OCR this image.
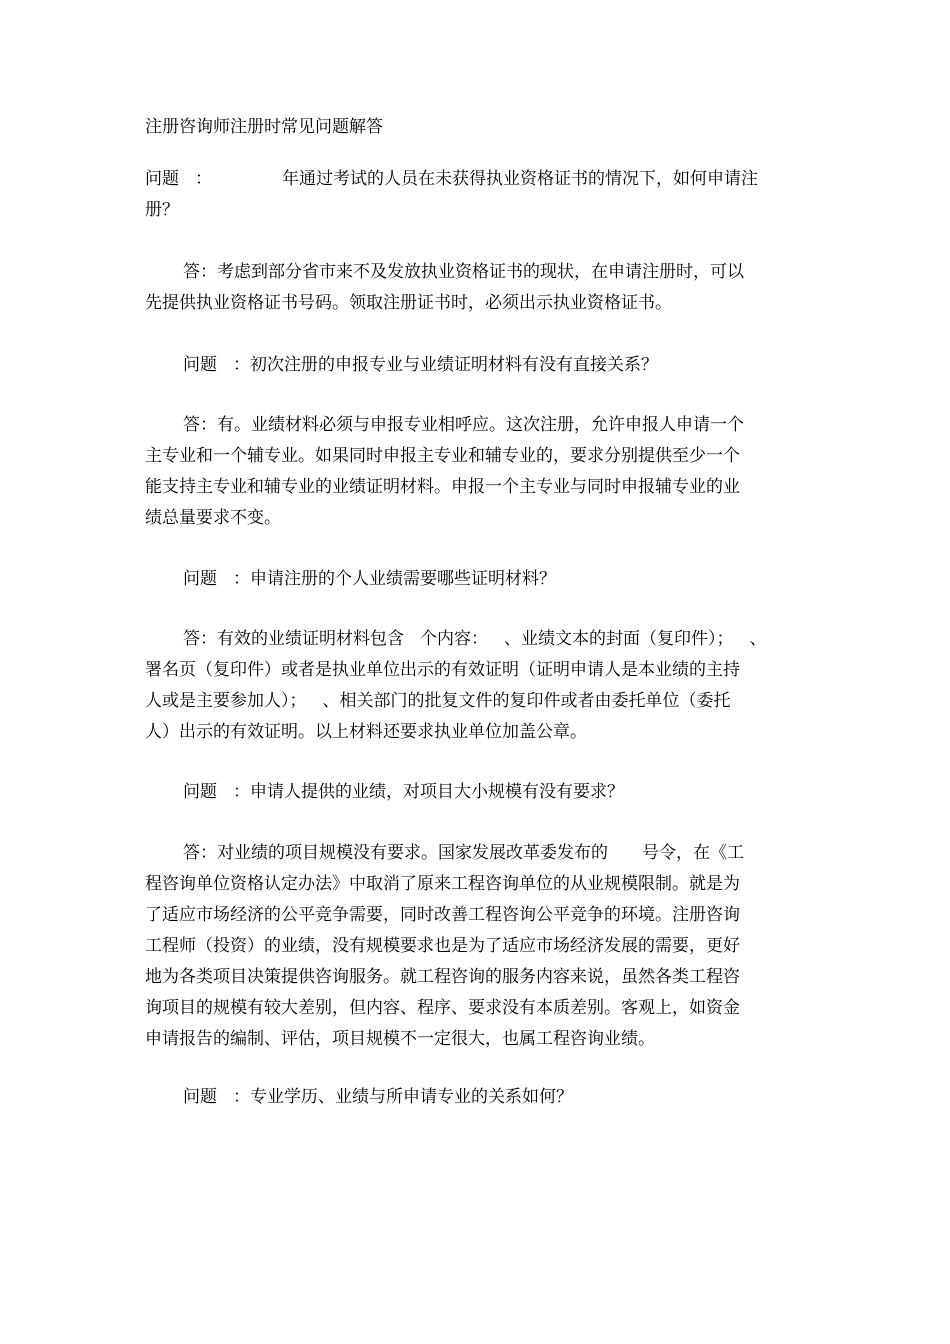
注册咨询师注册时常见问题解答
问题 ：	年通过考试的人员在未获得执业资格证书的情况下，如何申请注
册？
答：考虑到部分省市来不及发放执业资格证书的现状，在申请注册时，可以
先提供执业资格证书号码。领取注册证书时，必须出示执业资格证书。
问题 ：初次注册的申报专业与业绩证明材料有没有直接关系？
答：有。业绩材料必须与申报专业相呼应。这次注册，允许申报人申请一个
主专业和一个辅专业。如果同时申报主专业和辅专业的，要求分别提供至少一个
能支持主专业和辅专业的业绩证明材料。申报一个主专业与同时申报辅专业的业
绩总量要求不变。
问题 ：申请注册的个人业绩需要哪些证明材料？
答：有效的业绩证明材料包含 个内容： 、业绩文本的封面（复印件）； 、
署名页（复印件）或者是执业单位出示的有效证明（证明申请人是本业绩的主持
人或是主要参加人）； 、相关部门的批复文件的复印件或者由委托单位（委托
人）出示的有效证明。以上材料还要求执业单位加盖公章。
问题 ：申请人提供的业绩，对项目大小规模有没有要求？
答：对业绩的项目规模没有要求。国家发展改革委发布的 号令，在《工
程咨询单位资格认定办法》中取消了原来工程咨询单位的从业规模限制。就是为
了适应市场经济的公平竞争需要，同时改善工程咨询公平竞争的环境。注册咨询
工程师（投资）的业绩，没有规模要求也是为了适应市场经济发展的需要，更好
地为各类项目决策提供咨询服务。就工程咨询的服务内容来说，虽然各类工程咨
询项目的规模有较大差别，但内容、程序、要求没有本质差别。客观上，如资金
申请报告的编制、评估，项目规模不一定很大，也属工程咨询业绩。
问题 ：专业学历、业绩与所申请专业的关系如何？
